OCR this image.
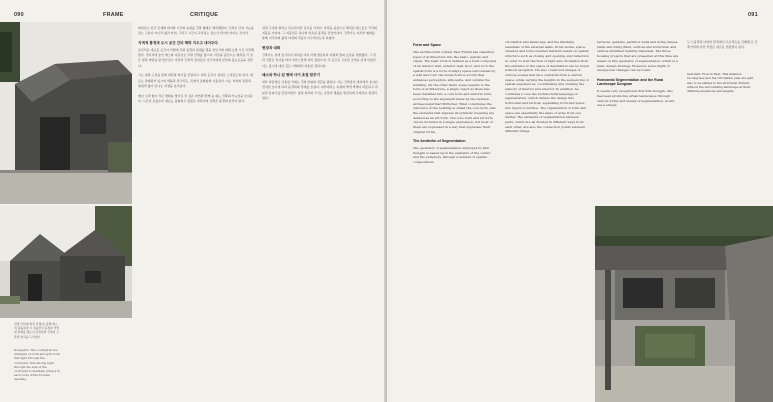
090	FRAME	CRITIQUE
전면 이미지(좌측 전경)을 통해 매스의 볼륨감과 이 지붕선이 풍경과 어떻게 관계를 맺는지 조망하며 건축의 구축적 방식을 드러낸다.
Dongsan's. The courtyards are arranged on both and split roofs that light through the courtyard. Introducing light through the side of the courtyard to maintain privacy in each room of the Ecorain dwelling.

화엄사는 인간 존재의 의미와 시간의 층위를 건축 형태로 해석해왔다. 건축은 단지 기능을 담는 그릇이 아니라 삶과 자연, 그리고 시간이 교차하는 장소가 되어야 한다는 것이다.

지역적 풍경과 도시 공간 간의 맥락 지우고 내어주다

조민석은 새로운 공간이 어떻게 주변 풍경과 관계를 맺을 것인가에 대해 오랜 시간 고민해왔다. 경사지에 놓인 매스와 지붕선은 주변 산세를 닮으며, 마당을 중심으로 배치된 각 실은 빛과 바람을 받아들인다. 이러한 건축적 장치들은 거주자에게 일상의 풍요로움을 전한다.

그는 평면 구성을 통해 내부와 외부를 연결하고, 외부 공간이 실내로 스며들도록 한다. 재료는 절제되어 있으며 벽돌과 콘크리트, 목재가 조화롭게 사용된다. 이는 지역의 전통과 현대적 삶이 만나는 지점을 보여준다.

매년 소리 없이 작은 변화를 쌓아온 이 집은 자연과 함께 숨 쉬는 건축의 가능성을 보여준다. 시간이 흐를수록 재료는 풍화되고 정원은 자라나며 건축은 풍경의 일부가 된다.

입면 구성의 원리는 단순하지만 깊이를 가진다. 마당을 중심으로 배치된 매스들은 각각의 지붕을 가지며, 그 지붕선은 하나의 연속된 풍경을 만들어낸다. 건축가는 이러한 형태를 통해 거주자의 삶과 자연의 리듬이 어우러지도록 하였다.

현장과 대화

건축가는 설계 초기부터 대지를 여러 차례 방문하며 지형과 빛의 흐름을 관찰했다. 그 결과 건물은 경사를 따라 자연스럽게 자리 잡았으며, 각 공간은 고유한 조망을 갖게 되었다. 이는 장소에 대한 깊은 이해에서 비롯된 결과이다.

매스와 하나 된 형태 사이 초점 맞추기

외부 마감재로 사용된 석재는 주변 바위의 질감을 닮았다. 이는 건축물이 대지에서 솟아난 것처럼 보이게 하며 풍경과의 경계를 흐린다. 내부에서는 목재와 백색 벽면이 따뜻하고 차분한 분위기를 만들어낸다. 창의 위치와 크기는 조망과 채광을 세심하게 고려하여 결정되었다.

091
Form and Space

The architectural scholar Paul Frankl has classified types of architecture into the basic, spatial, and visual. The basic form is defined as a form composed of an interior wall, exterior wall, floor, and roof; the spatial form is a form of empty space surrounded by a wall and roof; the visual form is a form that enhances perception, silhouette, and outside the building. On the other hand, scale regards to the form of architecture, a single object as there has been classified into a core form and uniform form, according to the argument made by the German archaeologist Karl Bötticher. What constitutes the structure of the building is called the core form, and the elements that express its symbolic meaning are defined as an art form. The core form and art form can be included in a single expression, but most of them are expressed in a way that expresses their original forms.

The Aesthetic of Segmentation

The geometry of segmentation employed by Kim Dongjin is based upon the elements of the center and the periphery, through a number of spatial compositions.

circulation and landscape, and the finishing materials of the external walls. In his works, space-oriented and form-oriented methods based on spatial structure such as closing and opening, and reflection in order to hold the flow of light and circulation from the entrance to the space of destination can be found without exception. He also constructs images of various scenes that face outwards from a central space, while varying the heights in the sequencing of spatial experiences, coordinating and creating the sensory of interior and exterior. In addition, he continues to use the architectural language of segmentation, which divides the design into horizontal and vertical, separating form and space into layers of surface. The organization of form and space are essentially the same or arise from one matter. The elements of segmentation between parts, which are all divided in different ways from each other, are also the connection points between different things.

terraces, gardens, partition walls and living ranges, stairs and living filled, vertical and horizontal, and various stratified building materials. The three housing projects that are presented at this time are based on this geometry of segmentation, which is a basic design strategy. However, some slight or unexpected changes can be found.

Horizontal Segmentation and the Rural Landscape Dongsan

It seems very exceptional that Kim Dongjin, who has been producing urban landscapes through various forms and means of segmentation, would use a simple

도시 풍경과 다양한 환경에서 프로젝트를 진행해 온 건축가에게 이번 작업은 새로운 전환점이 된다.
Self built, Flow & Rest. This mansion recomposes and the circulation plan are split also to be similar to the structural division without the surrounding landscape at their differing elevations and heights.
